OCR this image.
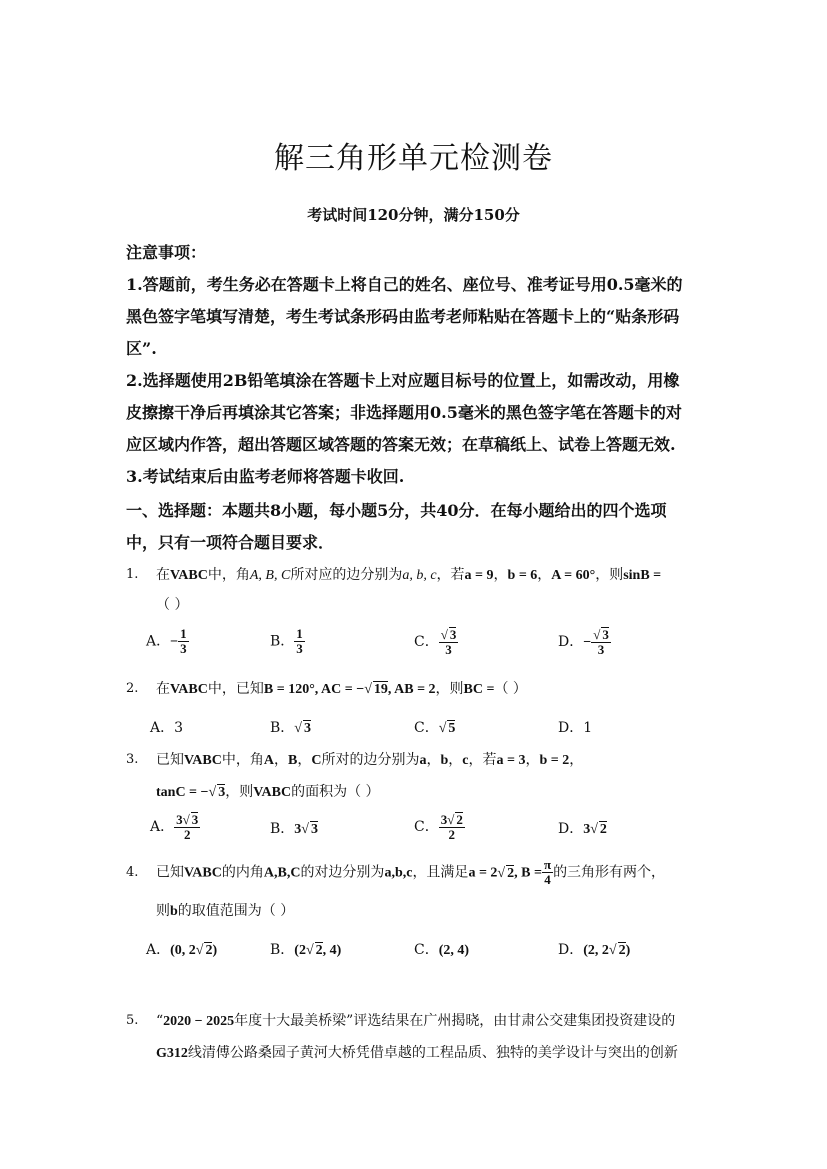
解三角形单元检测卷
考试时间120分钟，满分150分
注意事项：
1.答题前，考生务必在答题卡上将自己的姓名、座位号、准考证号用0.5毫米的
黑色签字笔填写清楚，考生考试条形码由监考老师粘贴在答题卡上的“贴条形码
区”.
2.选择题使用2B铅笔填涂在答题卡上对应题目标号的位置上，如需改动，用橡
皮擦擦干净后再填涂其它答案；非选择题用0.5毫米的黑色签字笔在答题卡的对
应区域内作答，超出答题区域答题的答案无效；在草稿纸上、试卷上答题无效.
3.考试结束后由监考老师将答题卡收回.
一、选择题：本题共8小题，每小题5分，共40分．在每小题给出的四个选项
中，只有一项符合题目要求．
1. 在VABC中，角A, B, C所对应的边分别为a, b, c，若a = 9，b = 6，A = 60°，则sinB =
（ ）
A．− $\frac{1}{3}$	B． $\frac{1}{3}$	C． $\frac{√ 3}{3}$	D．− $\frac{√ 3}{3}$
2. 在VABC中，已知B = 120°, AC = −√ 19, AB = 2，则BC =（ ）
A．3	B．√ 3	C．√ 5	D．1
3. 已知VABC中，角A，B，C所对的边分别为a，b，c，若a = 3，b = 2，
tanC = −√ 3，则VABC的面积为（ ）
A． $\frac{3√ 3}{2}$	B．3√ 3	C． $\frac{3√ 2}{2}$	D．3√ 2
4. 已知VABC的内角A,B,C的对边分别为a,b,c，且满足a = 2√ 2, $B = \frac{\pi}{4}$ 的三角形有两个，
则b的取值范围为（ ）
A．(0, 2√ 2)	B．(2√ 2, 4)	C．(2, 4)	D．(2, 2√ 2)
5. “2020 − 2025年度十大最美桥梁”评选结果在广州揭晓，由甘肃公交建集团投资建设的
G312线清傅公路桑园子黄河大桥凭借卓越的工程品质、独特的美学设计与突出的创新
